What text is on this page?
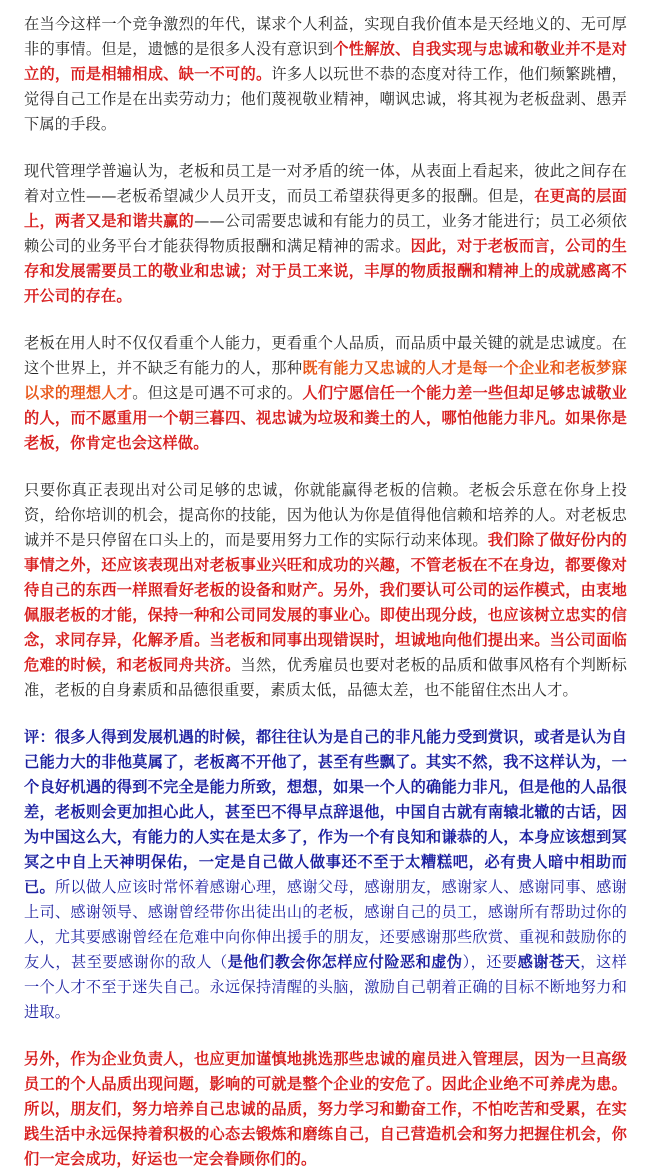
在当今这样一个竞争激烈的年代，谋求个人利益，实现自我价值本是天经地义的、无可厚非的事情。但是，遗憾的是很多人没有意识到个性解放、自我实现与忠诚和敬业并不是对立的，而是相辅相成、缺一不可的。许多人以玩世不恭的态度对待工作，他们频繁跳槽，觉得自己工作是在出卖劳动力；他们蔑视敬业精神，嘲讽忠诚，将其视为老板盘剥、愚弄下属的手段。

现代管理学普遍认为，老板和员工是一对矛盾的统一体，从表面上看起来，彼此之间存在着对立性——老板希望减少人员开支，而员工希望获得更多的报酬。但是，在更高的层面上，两者又是和谐共赢的——公司需要忠诚和有能力的员工，业务才能进行；员工必须依赖公司的业务平台才能获得物质报酬和满足精神的需求。因此，对于老板而言，公司的生存和发展需要员工的敬业和忠诚；对于员工来说，丰厚的物质报酬和精神上的成就感离不开公司的存在。

老板在用人时不仅仅看重个人能力，更看重个人品质，而品质中最关键的就是忠诚度。在这个世界上，并不缺乏有能力的人，那种既有能力又忠诚的人才是每一个企业和老板梦寐以求的理想人才。但这是可遇不可求的。人们宁愿信任一个能力差一些但却足够忠诚敬业的人，而不愿重用一个朝三暮四、视忠诚为垃圾和粪土的人，哪怕他能力非凡。如果你是老板，你肯定也会这样做。

只要你真正表现出对公司足够的忠诚，你就能赢得老板的信赖。老板会乐意在你身上投资，给你培训的机会，提高你的技能，因为他认为你是值得他信赖和培养的人。对老板忠诚并不是只停留在口头上的，而是要用努力工作的实际行动来体现。我们除了做好份内的事情之外，还应该表现出对老板事业兴旺和成功的兴趣，不管老板在不在身边，都要像对待自己的东西一样照看好老板的设备和财产。另外，我们要认可公司的运作模式，由衷地佩服老板的才能，保持一种和公司同发展的事业心。即使出现分歧，也应该树立忠实的信念，求同存异，化解矛盾。当老板和同事出现错误时，坦诚地向他们提出来。当公司面临危难的时候，和老板同舟共济。当然，优秀雇员也要对老板的品质和做事风格有个判断标准，老板的自身素质和品德很重要，素质太低，品德太差，也不能留住杰出人才。

评：很多人得到发展机遇的时候，都往往认为是自己的非凡能力受到赏识，或者是认为自己能力大的非他莫属了，老板离不开他了，甚至有些飘了。其实不然，我不这样认为，一个良好机遇的得到不完全是能力所致，想想，如果一个人的确能力非凡，但是他的人品很差，老板则会更加担心此人，甚至巴不得早点辞退他，中国自古就有南辕北辙的古话，因为中国这么大，有能力的人实在是太多了，作为一个有良知和谦恭的人，本身应该想到冥冥之中自上天神明保佑，一定是自己做人做事还不至于太糟糕吧，必有贵人暗中相助而已。所以做人应该时常怀着感谢心理，感谢父母，感谢朋友，感谢家人、感谢同事、感谢上司、感谢领导、感谢曾经带你出徒出山的老板，感谢自己的员工，感谢所有帮助过你的人，尤其要感谢曾经在危难中向你伸出援手的朋友，还要感谢那些欣赏、重视和鼓励你的友人，甚至要感谢你的敌人（是他们教会你怎样应付险恶和虚伪），还要感谢苍天，这样一个人才不至于迷失自己。永远保持清醒的头脑，激励自己朝着正确的目标不断地努力和进取。

另外，作为企业负责人，也应更加谨慎地挑选那些忠诚的雇员进入管理层，因为一旦高级员工的个人品质出现问题，影响的可就是整个企业的安危了。因此企业绝不可养虎为患。所以，朋友们，努力培养自己忠诚的品质，努力学习和勤奋工作，不怕吃苦和受累，在实践生活中永远保持着积极的心态去锻炼和磨练自己，自己营造机会和努力把握住机会，你们一定会成功，好运也一定会眷顾你们的。
